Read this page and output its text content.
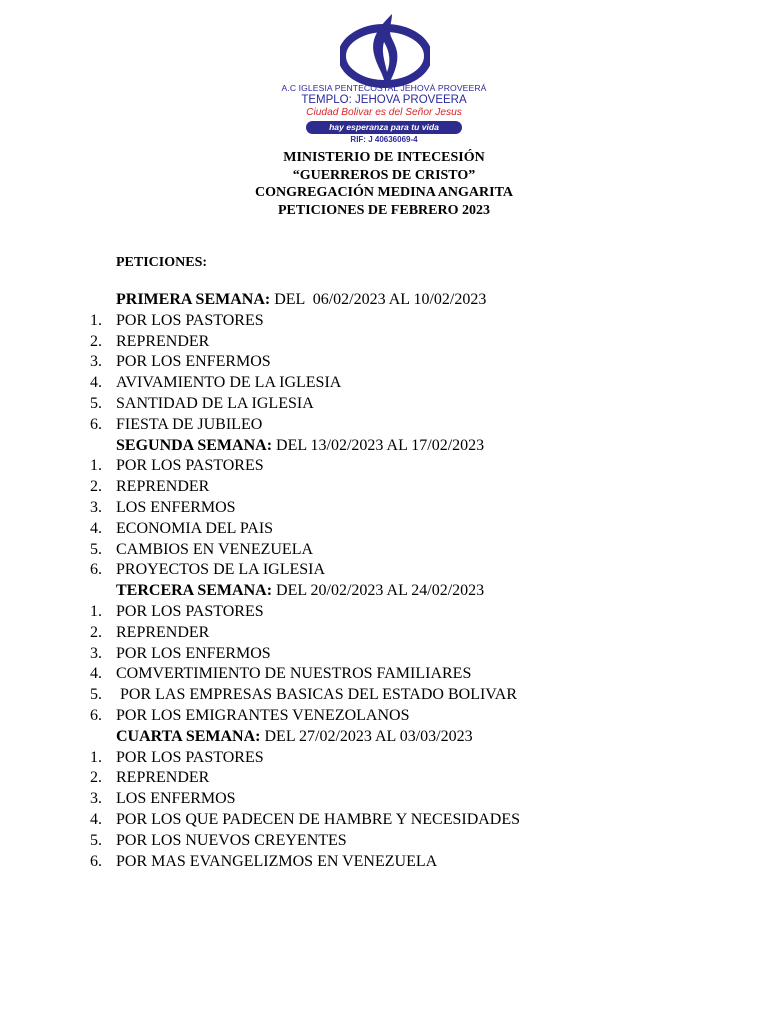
A.C IGLESIA PENTECOSTAL JEHOVÁ PROVEERÁ
TEMPLO: JEHOVA PROVEERA
Ciudad Bolivar es del Señor Jesus
hay esperanza para tu vida
RIF: J 40636069-4
MINISTERIO DE INTECESIÓN
“GUERREROS DE CRISTO”
CONGREGACIÓN MEDINA ANGARITA
PETICIONES DE FEBRERO 2023
PETICIONES:
PRIMERA SEMANA: DEL  06/02/2023 AL 10/02/2023
1. POR LOS PASTORES
2. REPRENDER
3. POR LOS ENFERMOS
4. AVIVAMIENTO DE LA IGLESIA
5. SANTIDAD DE LA IGLESIA
6. FIESTA DE JUBILEO
SEGUNDA SEMANA: DEL 13/02/2023 AL 17/02/2023
1. POR LOS PASTORES
2. REPRENDER
3. LOS ENFERMOS
4. ECONOMIA DEL PAIS
5. CAMBIOS EN VENEZUELA
6. PROYECTOS DE LA IGLESIA
TERCERA SEMANA: DEL 20/02/2023 AL 24/02/2023
1. POR LOS PASTORES
2. REPRENDER
3. POR LOS ENFERMOS
4. COMVERTIMIENTO DE NUESTROS FAMILIARES
5. POR LAS EMPRESAS BASICAS DEL ESTADO BOLIVAR
6. POR LOS EMIGRANTES VENEZOLANOS
CUARTA SEMANA: DEL 27/02/2023 AL 03/03/2023
1. POR LOS PASTORES
2. REPRENDER
3. LOS ENFERMOS
4. POR LOS QUE PADECEN DE HAMBRE Y NECESIDADES
5. POR LOS NUEVOS CREYENTES
6. POR MAS EVANGELIZMOS EN VENEZUELA
